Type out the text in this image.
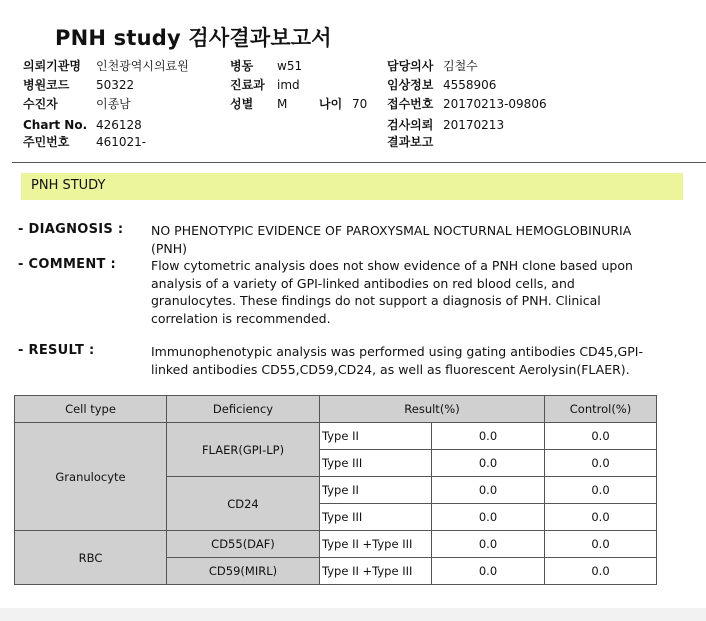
PNH study 검사결과보고서
의뢰기관명 인천광역시의료원
병원코드 50322
수진자	이종남
Chart No. 426128
주민번호 461021-
병동 w51
진료과 imd
성별 M	나이 70
담당의사 김철수
임상정보 4558906
접수번호 20170213-09806
검사의뢰 20170213
결과보고
PNH STUDY
- DIAGNOSIS : NO PHENOTYPIC EVIDENCE OF PAROXYSMAL NOCTURNAL HEMOGLOBINURIA (PNH)
- COMMENT :	Flow cytometric analysis does not show evidence of a PNH clone based upon analysis of a variety of GPI-linked antibodies on red blood cells, and granulocytes. These findings do not support a diagnosis of PNH. Clinical correlation is recommended.
- RESULT :	Immunophenotypic analysis was performed using gating antibodies CD45,GPI-linked antibodies CD55,CD59,CD24, as well as fluorescent Aerolysin(FLAER).
Cell type	Deficiency	Result(%)		Control(%)
Granulocyte	FLAER(GPI-LP)	Type II	0.0	0.0
		Type III	0.0	0.0
	CD24	Type II	0.0	0.0
		Type III	0.0	0.0
RBC	CD55(DAF)	Type II +Type III	0.0	0.0
	CD59(MIRL)	Type II +Type III	0.0	0.0
